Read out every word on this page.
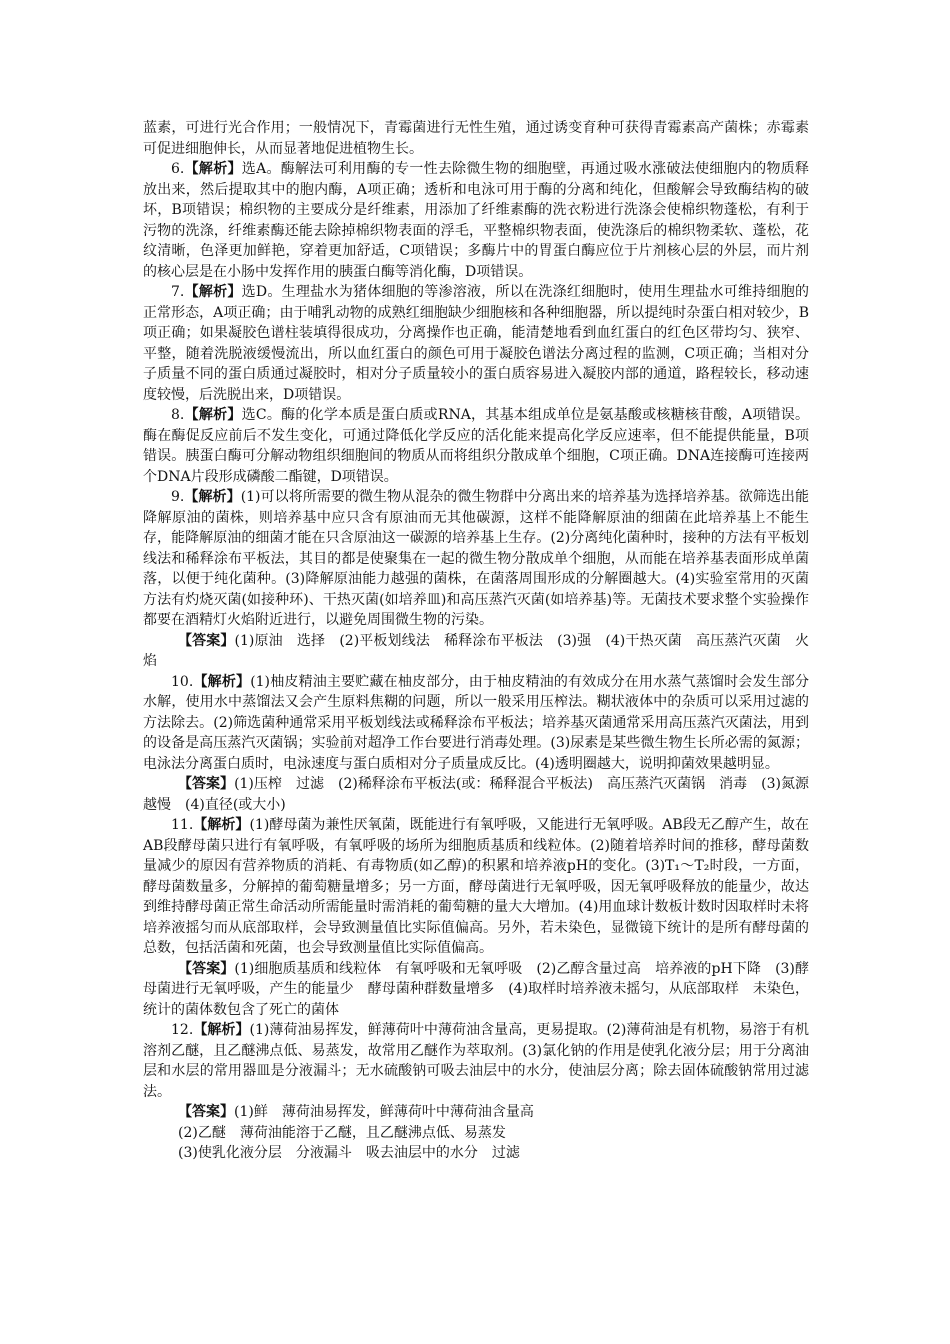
蓝素，可进行光合作用；一般情况下，青霉菌进行无性生殖，通过诱变育种可获得青霉素高产菌株；赤霉素可促进细胞伸长，从而显著地促进植物生长。

6.【解析】选A。酶解法可利用酶的专一性去除微生物的细胞壁，再通过吸水涨破法使细胞内的物质释放出来，然后提取其中的胞内酶，A项正确；透析和电泳可用于酶的分离和纯化，但酸解会导致酶结构的破坏，B项错误；棉织物的主要成分是纤维素，用添加了纤维素酶的洗衣粉进行洗涤会使棉织物蓬松，有利于污物的洗涤，纤维素酶还能去除掉棉织物表面的浮毛，平整棉织物表面，使洗涤后的棉织物柔软、蓬松，花纹清晰，色泽更加鲜艳，穿着更加舒适，C项错误；多酶片中的胃蛋白酶应位于片剂核心层的外层，而片剂的核心层是在小肠中发挥作用的胰蛋白酶等消化酶，D项错误。

7.【解析】选D。生理盐水为猪体细胞的等渗溶液，所以在洗涤红细胞时，使用生理盐水可维持细胞的正常形态，A项正确；由于哺乳动物的成熟红细胞缺少细胞核和各种细胞器，所以提纯时杂蛋白相对较少，B项正确；如果凝胶色谱柱装填得很成功，分离操作也正确，能清楚地看到血红蛋白的红色区带均匀、狭窄、平整，随着洗脱液缓慢流出，所以血红蛋白的颜色可用于凝胶色谱法分离过程的监测，C项正确；当相对分子质量不同的蛋白质通过凝胶时，相对分子质量较小的蛋白质容易进入凝胶内部的通道，路程较长，移动速度较慢，后洗脱出来，D项错误。

8.【解析】选C。酶的化学本质是蛋白质或RNA，其基本组成单位是氨基酸或核糖核苷酸，A项错误。酶在酶促反应前后不发生变化，可通过降低化学反应的活化能来提高化学反应速率，但不能提供能量，B项错误。胰蛋白酶可分解动物组织细胞间的物质从而将组织分散成单个细胞，C项正确。DNA连接酶可连接两个DNA片段形成磷酸二酯键，D项错误。

9.【解析】(1)可以将所需要的微生物从混杂的微生物群中分离出来的培养基为选择培养基。欲筛选出能降解原油的菌株，则培养基中应只含有原油而无其他碳源，这样不能降解原油的细菌在此培养基上不能生存，能降解原油的细菌才能在只含原油这一碳源的培养基上生存。(2)分离纯化菌种时，接种的方法有平板划线法和稀释涂布平板法，其目的都是使聚集在一起的微生物分散成单个细胞，从而能在培养基表面形成单菌落，以便于纯化菌种。(3)降解原油能力越强的菌株，在菌落周围形成的分解圈越大。(4)实验室常用的灭菌方法有灼烧灭菌(如接种环)、干热灭菌(如培养皿)和高压蒸汽灭菌(如培养基)等。无菌技术要求整个实验操作都要在酒精灯火焰附近进行，以避免周围微生物的污染。

【答案】(1)原油　选择　(2)平板划线法　稀释涂布平板法　(3)强　(4)干热灭菌　高压蒸汽灭菌　火焰

10.【解析】(1)柚皮精油主要贮藏在柚皮部分，由于柚皮精油的有效成分在用水蒸气蒸馏时会发生部分水解，使用水中蒸馏法又会产生原料焦糊的问题，所以一般采用压榨法。糊状液体中的杂质可以采用过滤的方法除去。(2)筛选菌种通常采用平板划线法或稀释涂布平板法；培养基灭菌通常采用高压蒸汽灭菌法，用到的设备是高压蒸汽灭菌锅；实验前对超净工作台要进行消毒处理。(3)尿素是某些微生物生长所必需的氮源；电泳法分离蛋白质时，电泳速度与蛋白质相对分子质量成反比。(4)透明圈越大，说明抑菌效果越明显。

【答案】(1)压榨　过滤　(2)稀释涂布平板法(或：稀释混合平板法)　高压蒸汽灭菌锅　消毒　(3)氮源　越慢　(4)直径(或大小)

11.【解析】(1)酵母菌为兼性厌氧菌，既能进行有氧呼吸，又能进行无氧呼吸。AB段无乙醇产生，故在AB段酵母菌只进行有氧呼吸，有氧呼吸的场所为细胞质基质和线粒体。(2)随着培养时间的推移，酵母菌数量减少的原因有营养物质的消耗、有毒物质(如乙醇)的积累和培养液pH的变化。(3)T₁～T₂时段，一方面，酵母菌数量多，分解掉的葡萄糖量增多；另一方面，酵母菌进行无氧呼吸，因无氧呼吸释放的能量少，故达到维持酵母菌正常生命活动所需能量时需消耗的葡萄糖的量大大增加。(4)用血球计数板计数时因取样时未将培养液摇匀而从底部取样，会导致测量值比实际值偏高。另外，若未染色，显微镜下统计的是所有酵母菌的总数，包括活菌和死菌，也会导致测量值比实际值偏高。

【答案】(1)细胞质基质和线粒体　有氧呼吸和无氧呼吸　(2)乙醇含量过高　培养液的pH下降　(3)酵母菌进行无氧呼吸，产生的能量少　酵母菌种群数量增多　(4)取样时培养液未摇匀，从底部取样　未染色，统计的菌体数包含了死亡的菌体

12.【解析】(1)薄荷油易挥发，鲜薄荷叶中薄荷油含量高，更易提取。(2)薄荷油是有机物，易溶于有机溶剂乙醚，且乙醚沸点低、易蒸发，故常用乙醚作为萃取剂。(3)氯化钠的作用是使乳化液分层；用于分离油层和水层的常用器皿是分液漏斗；无水硫酸钠可吸去油层中的水分，使油层分离；除去固体硫酸钠常用过滤法。

【答案】(1)鲜　薄荷油易挥发，鲜薄荷叶中薄荷油含量高

(2)乙醚　薄荷油能溶于乙醚，且乙醚沸点低、易蒸发

(3)使乳化液分层　分液漏斗　吸去油层中的水分　过滤
